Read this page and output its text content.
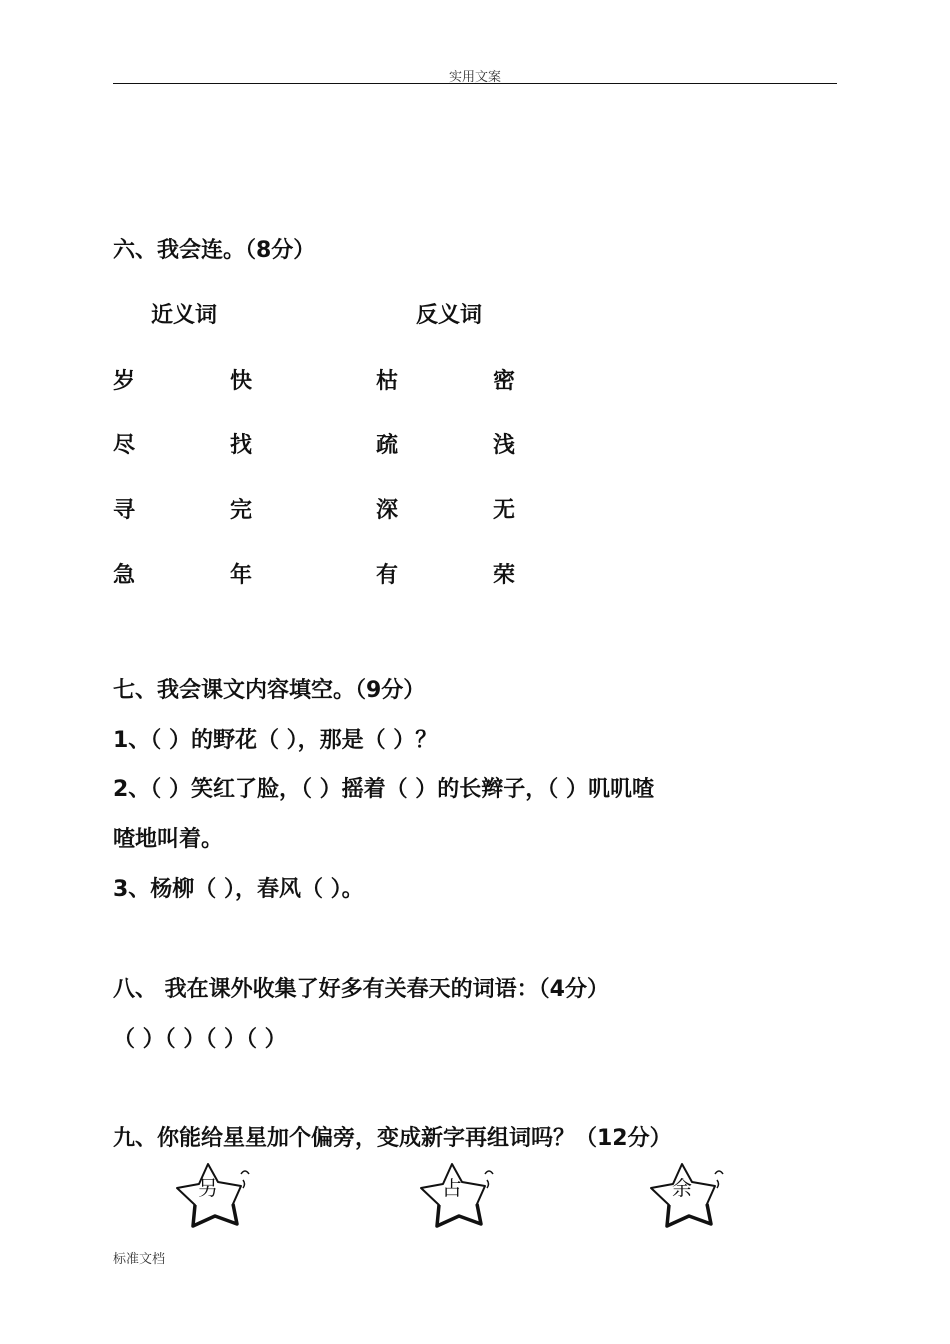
实用文案
六、我会连。（8分）
近义词	反义词
岁	快	枯	密
尽	找	疏	浅
寻	完	深	无
急	年	有	荣
七、我会课文内容填空。（9分）
1、（ ）的野花（ ），那是（ ）？
2、（ ）笑红了脸，（ ）摇着（ ）的长辫子，（ ）叽叽喳
喳地叫着。
3、杨柳（ ），春风（ ）。
八、 我在课外收集了好多有关春天的词语：（4分）
（ ）（ ）（ ）（ ）
九、你能给星星加个偏旁，变成新字再组词吗？（12分）
另	占	余
标准文档
